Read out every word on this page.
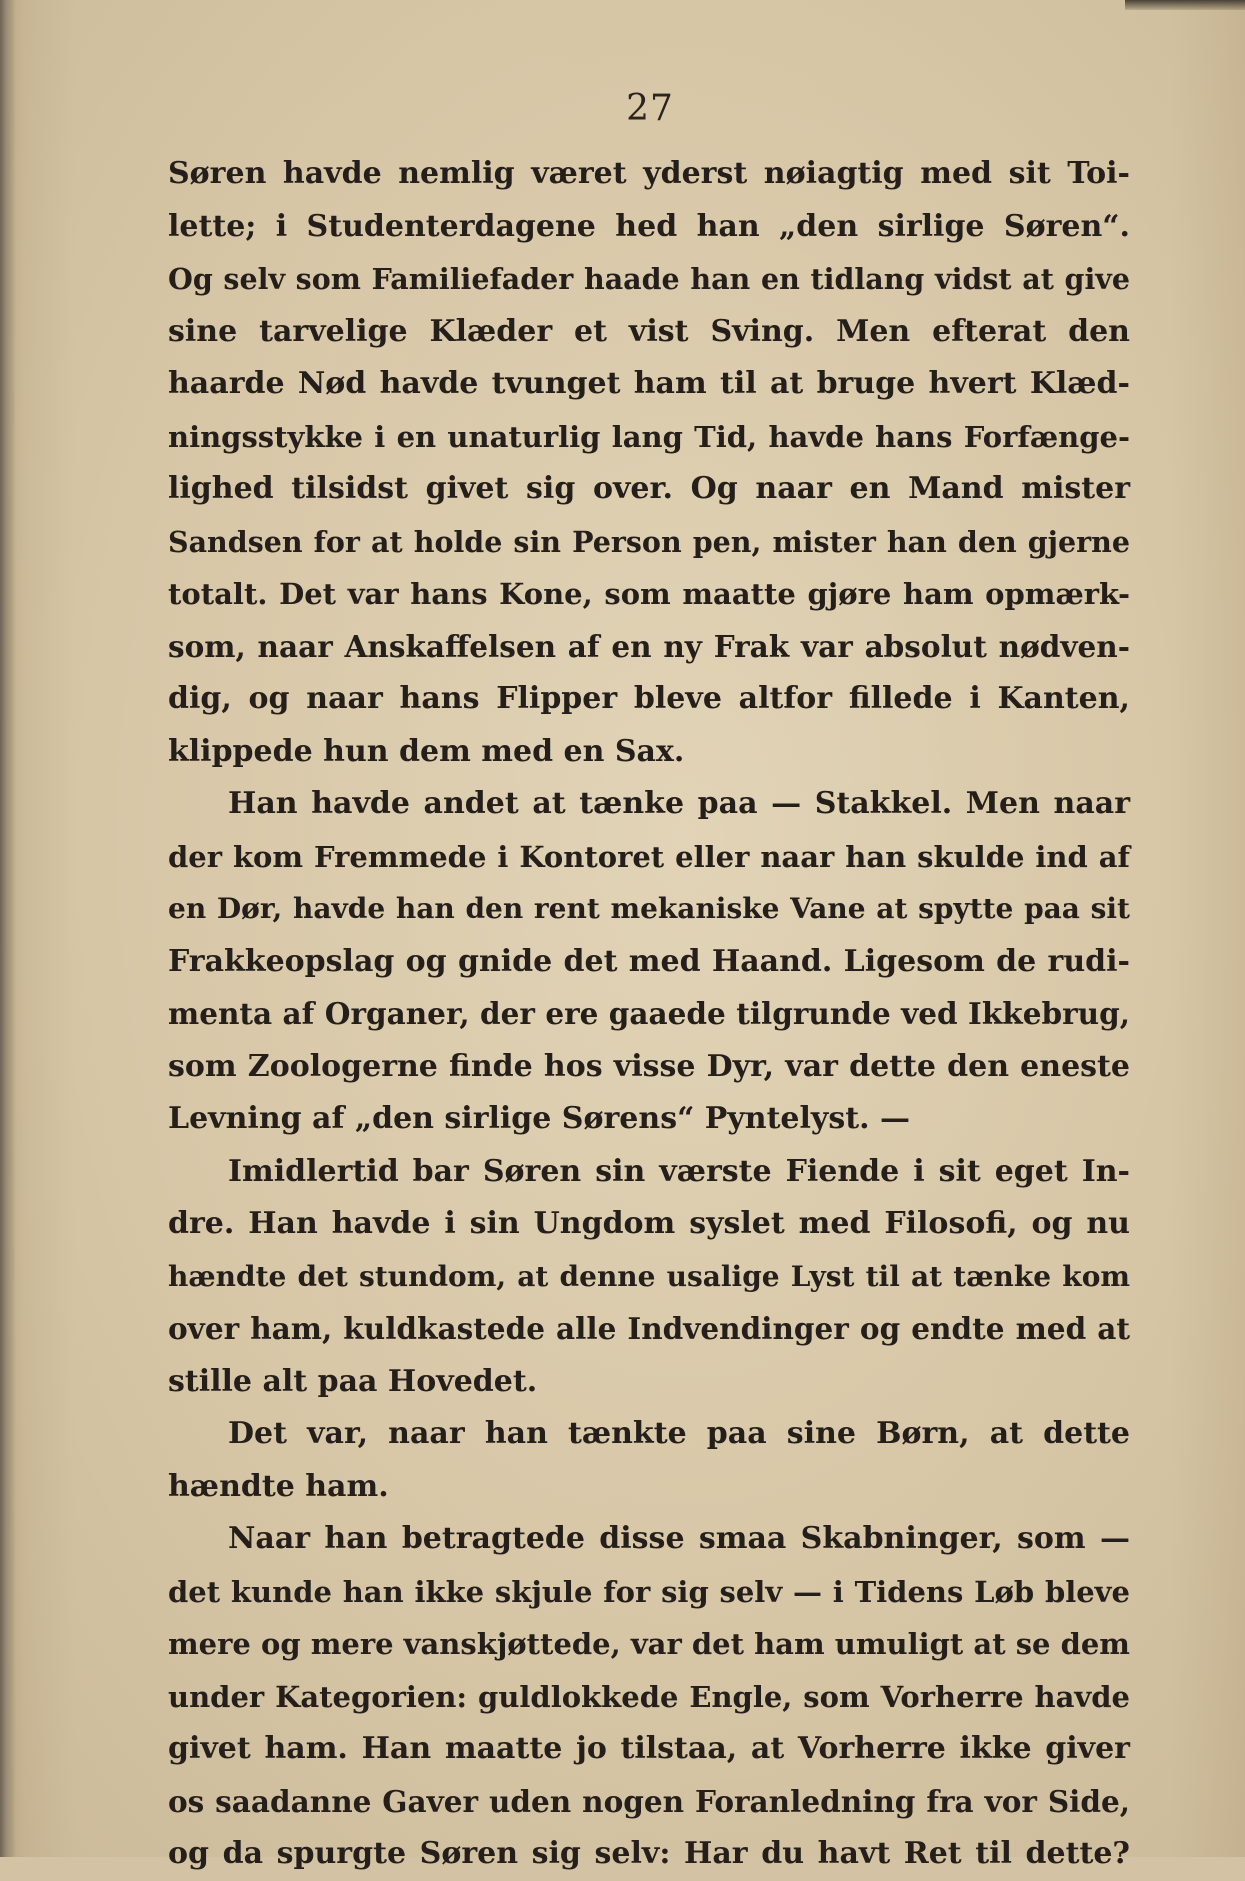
27
Søren havde nemlig været yderst nøiagtig med sit Toi-
lette; i Studenterdagene hed han „den sirlige Søren“.
Og selv som Familiefader haade han en tidlang vidst at give
sine tarvelige Klæder et vist Sving. Men efterat den
haarde Nød havde tvunget ham til at bruge hvert Klæd-
ningsstykke i en unaturlig lang Tid, havde hans Forfænge-
lighed tilsidst givet sig over. Og naar en Mand mister
Sandsen for at holde sin Person pen, mister han den gjerne
totalt. Det var hans Kone, som maatte gjøre ham opmærk-
som, naar Anskaffelsen af en ny Frak var absolut nødven-
dig, og naar hans Flipper bleve altfor fillede i Kanten,
klippede hun dem med en Sax.
Han havde andet at tænke paa — Stakkel. Men naar
der kom Fremmede i Kontoret eller naar han skulde ind af
en Dør, havde han den rent mekaniske Vane at spytte paa sit
Frakkeopslag og gnide det med Haand. Ligesom de rudi-
menta af Organer, der ere gaaede tilgrunde ved Ikkebrug,
som Zoologerne finde hos visse Dyr, var dette den eneste
Levning af „den sirlige Sørens“ Pyntelyst. —
Imidlertid bar Søren sin værste Fiende i sit eget In-
dre. Han havde i sin Ungdom syslet med Filosofi, og nu
hændte det stundom, at denne usalige Lyst til at tænke kom
over ham, kuldkastede alle Indvendinger og endte med at
stille alt paa Hovedet.
Det var, naar han tænkte paa sine Børn, at dette
hændte ham.
Naar han betragtede disse smaa Skabninger, som —
det kunde han ikke skjule for sig selv — i Tidens Løb bleve
mere og mere vanskjøttede, var det ham umuligt at se dem
under Kategorien: guldlokkede Engle, som Vorherre havde
givet ham. Han maatte jo tilstaa, at Vorherre ikke giver
os saadanne Gaver uden nogen Foranledning fra vor Side,
og da spurgte Søren sig selv: Har du havt Ret til dette?
